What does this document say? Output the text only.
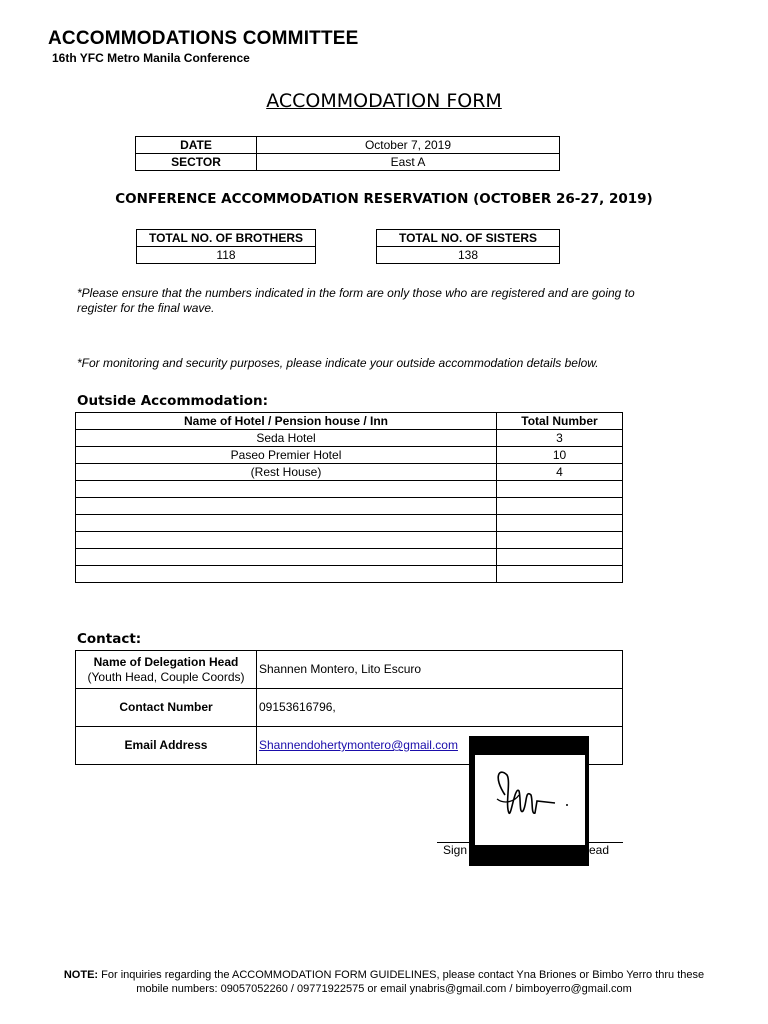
ACCOMMODATIONS COMMITTEE
16th YFC Metro Manila Conference
ACCOMMODATION FORM
DATE	October 7, 2019
SECTOR	East A
CONFERENCE ACCOMMODATION RESERVATION (OCTOBER 26-27, 2019)
TOTAL NO. OF BROTHERS
118
TOTAL NO. OF SISTERS
138
*Please ensure that the numbers indicated in the form are only those who are registered and are going to register for the final wave.
*For monitoring and security purposes, please indicate your outside accommodation details below.
Outside Accommodation:
Name of Hotel / Pension house / Inn	Total Number
Seda Hotel	3
Paseo Premier Hotel	10
(Rest House)	4

Contact:
Name of Delegation Head
(Youth Head, Couple Coords)	Shannen Montero, Lito Escuro
Contact Number	09153616796,
Email Address	Shannendohertymontero@gmail.com
Sign	ead
NOTE: For inquiries regarding the ACCOMMODATION FORM GUIDELINES, please contact Yna Briones or Bimbo Yerro thru these
mobile numbers: 09057052260 / 09771922575 or email ynabris@gmail.com / bimboyerro@gmail.com
